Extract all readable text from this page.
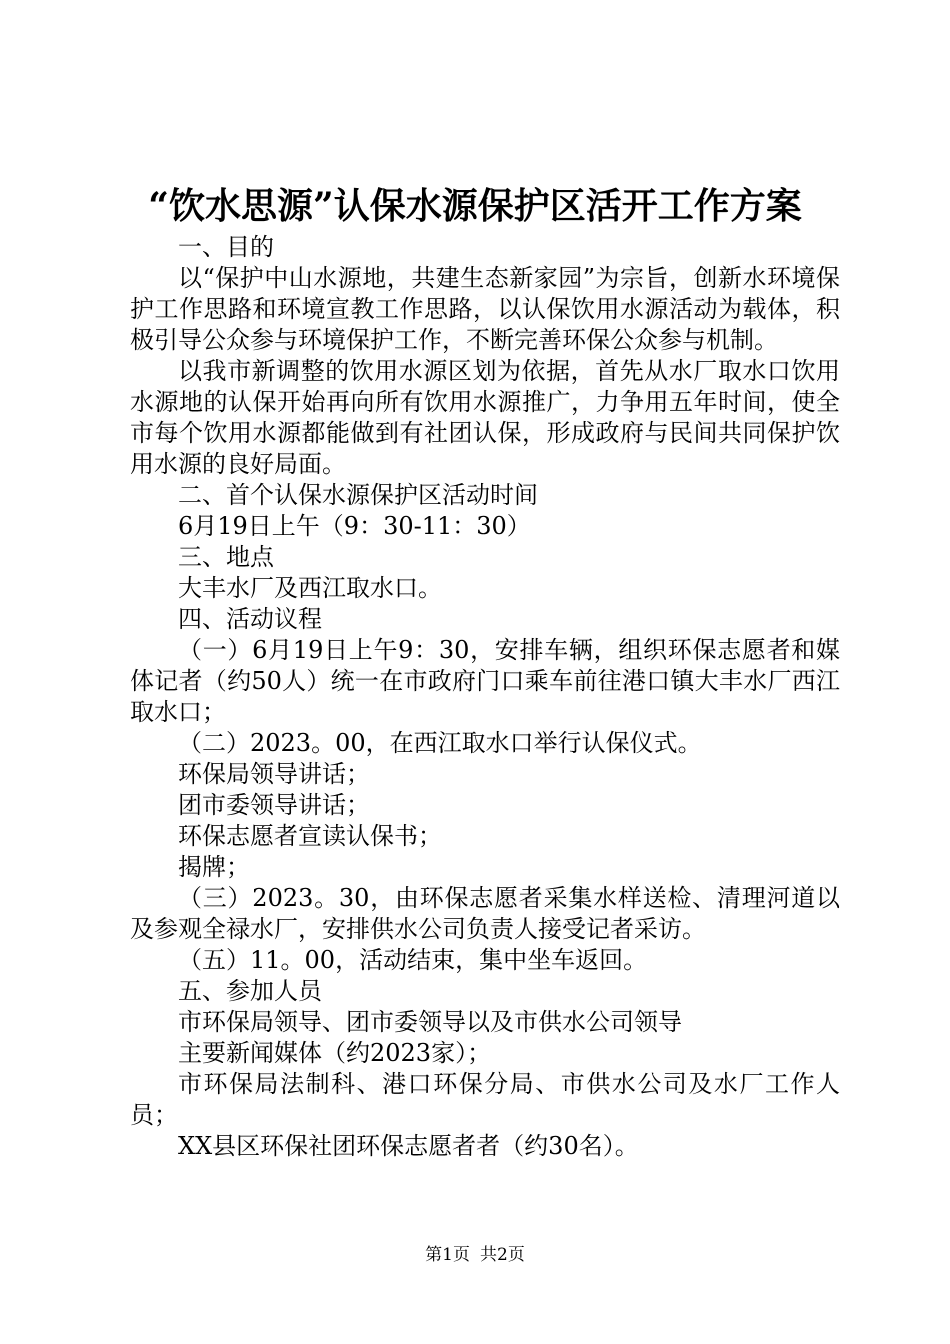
“饮水思源”认保水源保护区活开工作方案

一、目的

以“保护中山水源地，共建生态新家园”为宗旨，创新水环境保护工作思路和环境宣教工作思路，以认保饮用水源活动为载体，积极引导公众参与环境保护工作，不断完善环保公众参与机制。

以我市新调整的饮用水源区划为依据，首先从水厂取水口饮用水源地的认保开始再向所有饮用水源推广，力争用五年时间，使全市每个饮用水源都能做到有社团认保，形成政府与民间共同保护饮用水源的良好局面。

二、首个认保水源保护区活动时间

6月19日上午（9：30-11：30）

三、地点

大丰水厂及西江取水口。

四、活动议程

（一）6月19日上午9：30，安排车辆，组织环保志愿者和媒体记者（约50人）统一在市政府门口乘车前往港口镇大丰水厂西江取水口；

（二）2023。00，在西江取水口举行认保仪式。

环保局领导讲话；

团市委领导讲话；

环保志愿者宣读认保书；

揭牌；

（三）2023。30，由环保志愿者采集水样送检、清理河道以及参观全禄水厂，安排供水公司负责人接受记者采访。

（五）11。00，活动结束，集中坐车返回。

五、参加人员

市环保局领导、团市委领导以及市供水公司领导

主要新闻媒体（约2023家）；

市环保局法制科、港口环保分局、市供水公司及水厂工作人员；

XX县区环保社团环保志愿者者（约30名）。

第1页 共2页
